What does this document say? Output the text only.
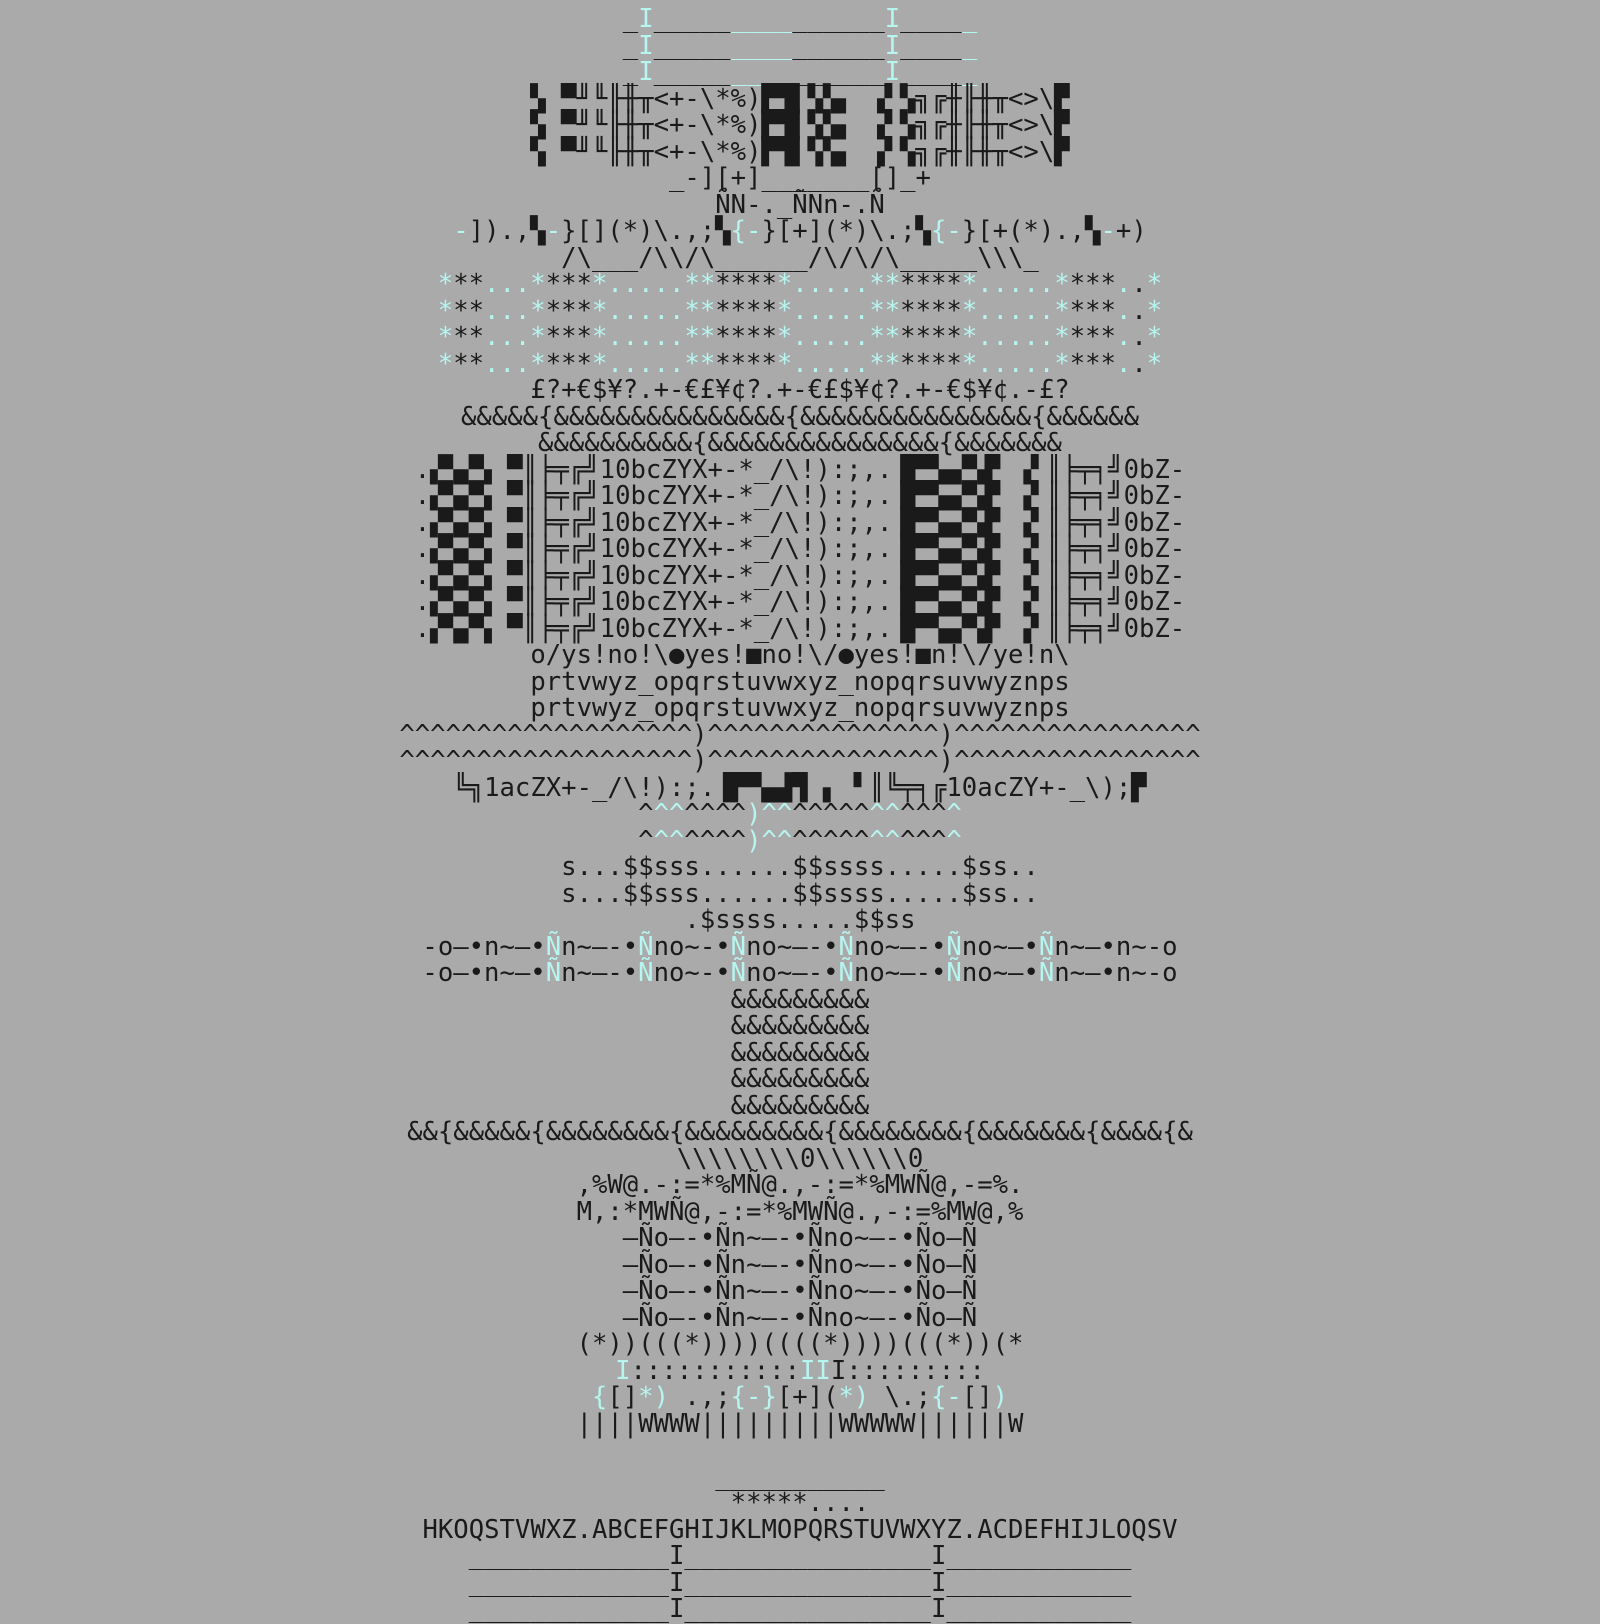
_I_______________I_____
_I_______________I_____
_I_______________I_____
▚ ▀╜╙╟╫╥<+-\*%)▛▜▌▚▚▖ ▗▘▚╗╔╫╟╫╥<>\▛
▚ ▀╜╙╟╫╥<+-\*%)▛▜▌▚▚▖ ▗▘▚╗╔╫╟╫╥<>\▛
▚ ▀╜╙╟╫╥<+-\*%)▛▜▌▚▚▖ ▗▘▚╗╔╫╟╫╥<>\▛
_-][+]_______[]_+
ÑN-._ÑNn-.Ñ
-]).,▚-}[](*)\.,;▚{-}[+](*)\.;▚{-}[+(*).,▚-+)
/\___/\\/\______/\/\/\_____\\\_
***...*****.....*******.....*******.....****..*
***...*****.....*******.....*******.....****..*
***...*****.....*******.....*******.....****..*
***...*****.....*******.....*******.....****..*
£?+€$¥?.+-€£¥¢?.+-€£$¥¢?.+-€$¥¢.-£?
&&&&&{&&&&&&&&&&&&&&&{&&&&&&&&&&&&&&&{&&&&&&
&&&&&&&&&&{&&&&&&&&&&&&&&&{&&&&&&&
.▞▚▞▚ ▀║╞╤╔╝10bcZYX+-*_/\!):;,.▐▛▀▄▞▚▛ ▗▘║╞╤╕╝0bZ-
.▞▚▞▚ ▀║╞╤╔╝10bcZYX+-*_/\!):;,.▐▛▀▄▞▚▛ ▗▘║╞╤╕╝0bZ-
.▞▚▞▚ ▀║╞╤╔╝10bcZYX+-*_/\!):;,.▐▛▀▄▞▚▛ ▗▘║╞╤╕╝0bZ-
.▞▚▞▚ ▀║╞╤╔╝10bcZYX+-*_/\!):;,.▐▛▀▄▞▚▛ ▗▘║╞╤╕╝0bZ-
.▞▚▞▚ ▀║╞╤╔╝10bcZYX+-*_/\!):;,.▐▛▀▄▞▚▛ ▗▘║╞╤╕╝0bZ-
.▞▚▞▚ ▀║╞╤╔╝10bcZYX+-*_/\!):;,.▐▛▀▄▞▚▛ ▗▘║╞╤╕╝0bZ-
.▞▚▞▚ ▀║╞╤╔╝10bcZYX+-*_/\!):;,.▐▛▀▄▞▚▛ ▗▘║╞╤╕╝0bZ-
o/ys!no!\●yes!■no!\/●yes!■n!\/ye!n\
prtvwyz_opqrstuvwxyz_nopqrsuvwyznps
prtvwyz_opqrstuvwxyz_nopqrsuvwyznps
^^^^^^^^^^^^^^^^^^^)^^^^^^^^^^^^^^^)^^^^^^^^^^^^^^^^
^^^^^^^^^^^^^^^^^^^)^^^^^^^^^^^^^^^)^^^^^^^^^^^^^^^^
╚╗1acZX+-_/\!):;.▐▛▀▄▟▜ ▖ ▘║╚╤╕╔10acZY+-_\);▛
^^^^^^^)^^^^^^^^^^^^^
^^^^^^^)^^^^^^^^^^^^^
s...$$sss......$$ssss.....$ss..
s...$$sss......$$ssss.....$ss..
.$ssss.....$$ss
-o–•n~–•Ñn~–-•Ñno~-•Ñno~–-•Ñno~–-•Ñno~–•Ñn~–•n~-o
-o–•n~–•Ñn~–-•Ñno~-•Ñno~–-•Ñno~–-•Ñno~–•Ñn~–•n~-o
&&&&&&&&&
&&&&&&&&&
&&&&&&&&&
&&&&&&&&&
&&&&&&&&&
&&{&&&&&{&&&&&&&&{&&&&&&&&&{&&&&&&&&{&&&&&&&{&&&&{&
\\\\\\\\0\\\\\\0
,%W@.-:=*%MÑ@.,-:=*%MWÑ@,-=%.
M,:*MWÑ@,-:=*%MWÑ@.,-:=%MW@,%
–Ño–-•Ñn~–-•Ñno~–-•Ño–Ñ
–Ño–-•Ñn~–-•Ñno~–-•Ño–Ñ
–Ño–-•Ñn~–-•Ñno~–-•Ño–Ñ
–Ño–-•Ñn~–-•Ñno~–-•Ño–Ñ
(*))(((*))))((((*))))(((*))(*
I:::::::::::III:::::::::
{[]*) .,;{-}[+](*) \.;{-[])
||||WWWW|||||||||WWWWW||||||W
___________
*****....
HKOQSTVWXZ.ABCEFGHIJKLMOPQRSTUVWXYZ.ACDEFHIJLOQSV
_____________I________________I____________
_____________I________________I____________
_____________I________________I____________
